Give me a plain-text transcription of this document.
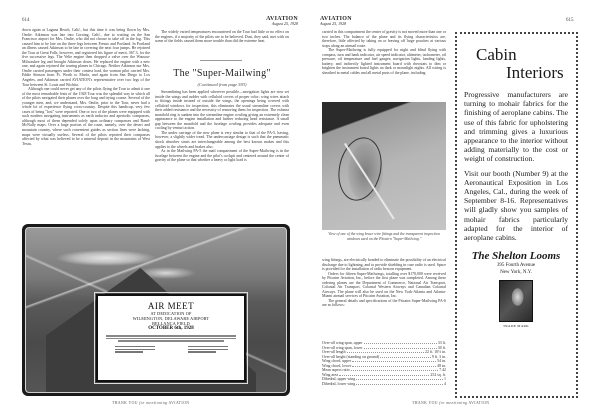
614	AVIATION
August 25, 1928

down again at Laguna Beach, Calif., but this time it was being flown by Mrs. Omlie. Atkinson was late into Corning, Calif., due to waiting on the San Francisco airport for Mrs. Omlie, who did not choose to take off in the fog. This caused him to be late on the three legs between Fresno and Portland. In Portland an illness caused Atkinson to be late in covering the next four jumps. He rejoined the Tour at Great Falls, however, and registered his figure of merit, 367.3, for the five successive legs. The Velie engine then dropped a valve over the Wausau-Milwaukee leg and brought Atkinson down. He replaced the engine with a new one, and again rejoined the touring planes in Chicago. Neither Atkinson nor Mrs. Omlie carried passengers under their contest load, the woman pilot carried Mrs. Eddie Stinson from Ft. Worth to Marfa, and again from San Diego to Los Angeles, and Atkinson carried AVIATION's representative over two legs of the Tour between St. Louis and Wichita.

Although one could never get any of the pilots flying the Tour to admit it one of the most remarkable feats of the 1928 Tour was the splendid way in which all of the pilots navigated their planes over the long and trying course. Several of the younger men, and, we understand, Mrs. Omlie, prior to the Tour, never had a whole lot of experience flying cross-country. Despite this handicap, very few cases of being "lost" were reported. One or two of the planes were equipped with such modern navigating instruments as earth inductor and aperiodic compasses, although most of them depended solely upon ordinary compasses and Rand-McNally maps. Over a large portion of the route, namely, over the desert and mountain country, where such convenient guides as section lines were lacking, maps were virtually useless. Several of the pilots reported their compasses affected by what was believed to be a mineral deposit in the mountains of West Texas.

The widely varied temperatures encountered on the Tour had little or no effect on the engines, if a majority of the pilots are to be believed. Dust, they said, met with on some of the fields caused them more trouble than did the extreme heat.

The "Super-Mailwing"
(Continued from page 593)

Streamlining has been applied wherever possible—navigation lights are now set inside the wings and rudder with celluloid covers of proper color; wing wires attach to fittings inside instead of outside the wings, the openings being covered with celluloid windows for inspection, this eliminates the usual streamline covers with their added resistance and the necessity of removing them for inspection. The exhaust manifold ring is sunken into the streamline engine cowling giving an extremely clean appearance to the engine installation and further reducing head resistance. A small gap between the manifold and the fuselage cowling provides adequate and even cooling by venturi action.

The under carriage of the new plane is very similar to that of the PA-5, having, however, a slightly wider tread. The undercarriage design is such that the pneumatic shock absorber struts are interchangeable among the best known makes and this applies to the wheels and brakes also.

As in the Mailwing PA-5 the mail compartment of the Super-Mailwing is in the fuselage between the engine and the pilot's cockpit and centered around the center of gravity of the plane so that whether a heavy or light load is

AIR MEET
AT DEDICATION OF
WILMINGTON, DELAWARE AIRPORT
BELLANCA FIELD
OCTOBER 6th, 1928
THANK YOU for mentioning AVIATION
AVIATION
August 25, 1928
615

carried in this compartment the center of gravity is not moved more than one or two inches. The balance of the plane and its flying characteristics are, therefore, little affected by taking on or leaving off large pouches at various stops along an airmail route.

The Super-Mailwing is fully equipped for night and blind flying with compass, turn and bank indicator, air speed indicator, altimeter, tachometer, oil pressure, oil temperature and fuel gauges; navigation lights, landing lights, battery, and indirectly lighted instrument board with rheostats to dim or brighten the instrument board lights on dark or moonlight nights. All wiring is sheathed in metal cables and all metal parts of the plane, including

View of one of the wing brace wire fittings and the transparent inspection windows used on the Pitcairn "Super-Mailwing."

wing fittings, are electrically bonded to eliminate the possibility of an electrical discharge due to lightning, and to provide shielding in case radio is used. Space is provided for the installation of radio beacon equipment.

Orders for fifteen Super-Mailwings, totalling over $170,000 were received by Pitcairn Aviation, Inc., before the first plane was completed. Among these ordering planes are the Department of Commerce, National Air Transport, Colonial Air Transport, Colonial Western Airways and Canadian Colonial Airways. The plane will also be used on the New York-Atlanta and Atlanta-Miami airmail services of Pitcairn Aviation, Inc.

The general details and specifications of the Pitcairn Super-Mailwing PA-6 are as follows:

Over-all wing span, upper	33 ft.
Over-all wing span, lower	30 ft.
Over-all length	22 ft. 10½ in.
Over-all height (standing on ground)	9 ft. 3 in.
Wing chord, upper	54 in.
Wing chord, lower	48 in.
Mean aspect ratio	7.42
Wing area	252 sq. ft.
Dihedral, upper wing	1
Dihedral, lower wing	4
Cabin
Interiors
Progressive manufacturers are turning to mohair fabrics for the finishing of aeroplane cabins. The use of this fabric for upholstering and trimming gives a luxurious appearance to the interior without adding materially to the cost or weight of construction.
Visit our booth (Number 9) at the Aeronautical Exposition in Los Angeles, Cal., during the week of September 8-16. Representatives will gladly show you samples of mohair fabrics particularly adapted for the interior of aeroplane cabins.
The Shelton Looms
395 Fourth Avenue
New York, N.Y.
TRADE MARK
THANK YOU for mentioning AVIATION
